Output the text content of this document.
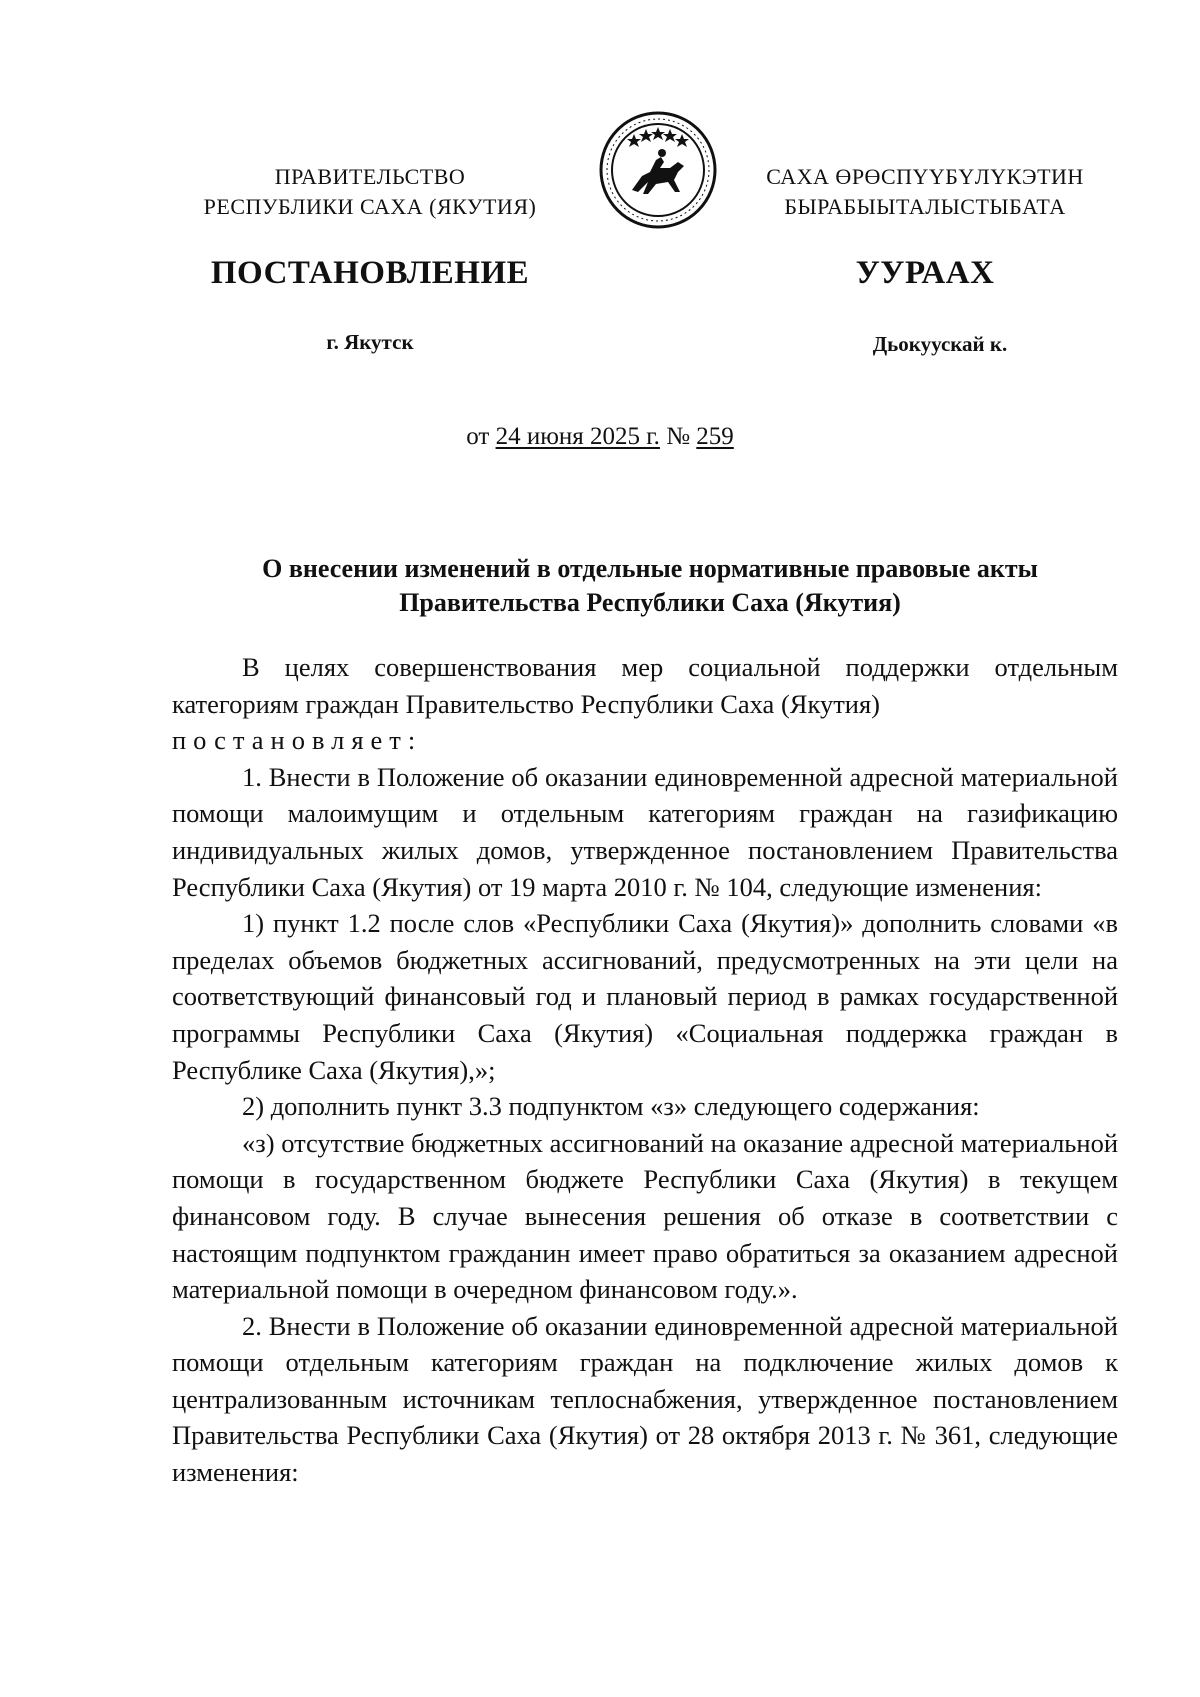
ПРАВИТЕЛЬСТВО
РЕСПУБЛИКИ САХА (ЯКУТИЯ)
САХА ӨРӨСПҮҮБҮЛҮКЭТИН
БЫРАБЫЫТАЛЫСТЫБАТА
ПОСТАНОВЛЕНИЕ	УУРААХ
г. Якутск	Дьокуускай к.
от 24 июня 2025 г. № 259
О внесении изменений в отдельные нормативные правовые акты
Правительства Республики Саха (Якутия)

В целях совершенствования мер социальной поддержки отдельным категориям граждан Правительство Республики Саха (Якутия)

постановляет:

1. Внести в Положение об оказании единовременной адресной материальной помощи малоимущим и отдельным категориям граждан на газификацию индивидуальных жилых домов, утвержденное постановлением Правительства Республики Саха (Якутия) от 19 марта 2010 г. № 104, следующие изменения:

1) пункт 1.2 после слов «Республики Саха (Якутия)» дополнить словами «в пределах объемов бюджетных ассигнований, предусмотренных на эти цели на соответствующий финансовый год и плановый период в рамках государственной программы Республики Саха (Якутия) «Социальная поддержка граждан в Республике Саха (Якутия),»;

2) дополнить пункт 3.3 подпунктом «з» следующего содержания:

«з) отсутствие бюджетных ассигнований на оказание адресной материальной помощи в государственном бюджете Республики Саха (Якутия) в текущем финансовом году. В случае вынесения решения об отказе в соответствии с настоящим подпунктом гражданин имеет право обратиться за оказанием адресной материальной помощи в очередном финансовом году.».

2. Внести в Положение об оказании единовременной адресной материальной помощи отдельным категориям граждан на подключение жилых домов к централизованным источникам теплоснабжения, утвержденное постановлением Правительства Республики Саха (Якутия) от 28 октября 2013 г. № 361, следующие изменения:
